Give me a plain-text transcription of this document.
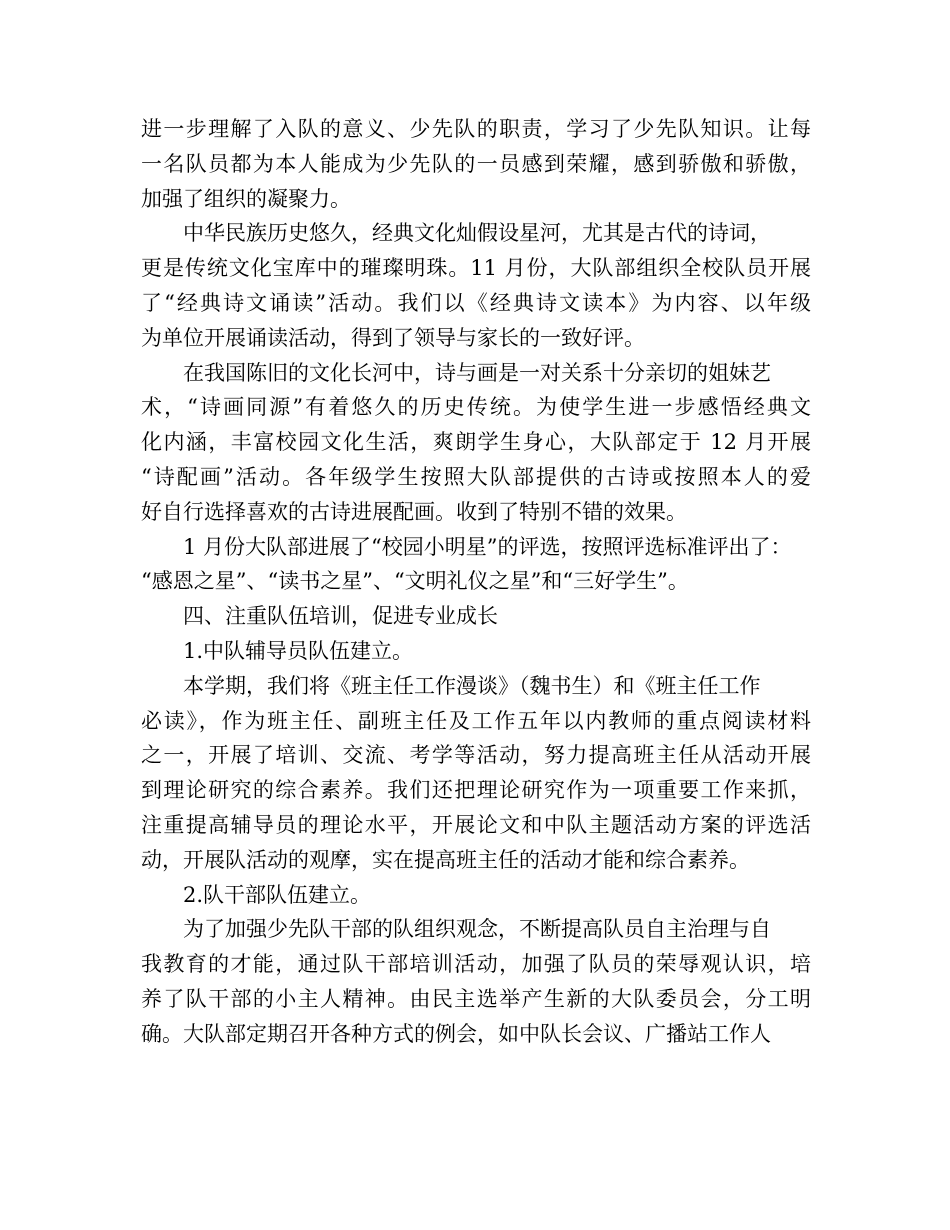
进一步理解了入队的意义、少先队的职责，学习了少先队知识。让每
一名队员都为本人能成为少先队的一员感到荣耀，感到骄傲和骄傲，
加强了组织的凝聚力。
中华民族历史悠久，经典文化灿假设星河，尤其是古代的诗词，
更是传统文化宝库中的璀璨明珠。11 月份，大队部组织全校队员开展
了“经典诗文诵读”活动。我们以《经典诗文读本》为内容、以年级
为单位开展诵读活动，得到了领导与家长的一致好评。
在我国陈旧的文化长河中，诗与画是一对关系十分亲切的姐妹艺
术，“诗画同源”有着悠久的历史传统。为使学生进一步感悟经典文
化内涵，丰富校园文化生活，爽朗学生身心，大队部定于 12 月开展
“诗配画”活动。各年级学生按照大队部提供的古诗或按照本人的爱
好自行选择喜欢的古诗进展配画。收到了特别不错的效果。
1 月份大队部进展了“校园小明星”的评选，按照评选标准评出了：
“感恩之星”、“读书之星”、“文明礼仪之星”和“三好学生”。
四、注重队伍培训，促进专业成长
1.中队辅导员队伍建立。
本学期，我们将《班主任工作漫谈》（魏书生）和《班主任工作
必读》，作为班主任、副班主任及工作五年以内教师的重点阅读材料
之一，开展了培训、交流、考学等活动，努力提高班主任从活动开展
到理论研究的综合素养。我们还把理论研究作为一项重要工作来抓，
注重提高辅导员的理论水平，开展论文和中队主题活动方案的评选活
动，开展队活动的观摩，实在提高班主任的活动才能和综合素养。
2.队干部队伍建立。
为了加强少先队干部的队组织观念，不断提高队员自主治理与自
我教育的才能，通过队干部培训活动，加强了队员的荣辱观认识，培
养了队干部的小主人精神。由民主选举产生新的大队委员会，分工明
确。大队部定期召开各种方式的例会，如中队长会议、广播站工作人
